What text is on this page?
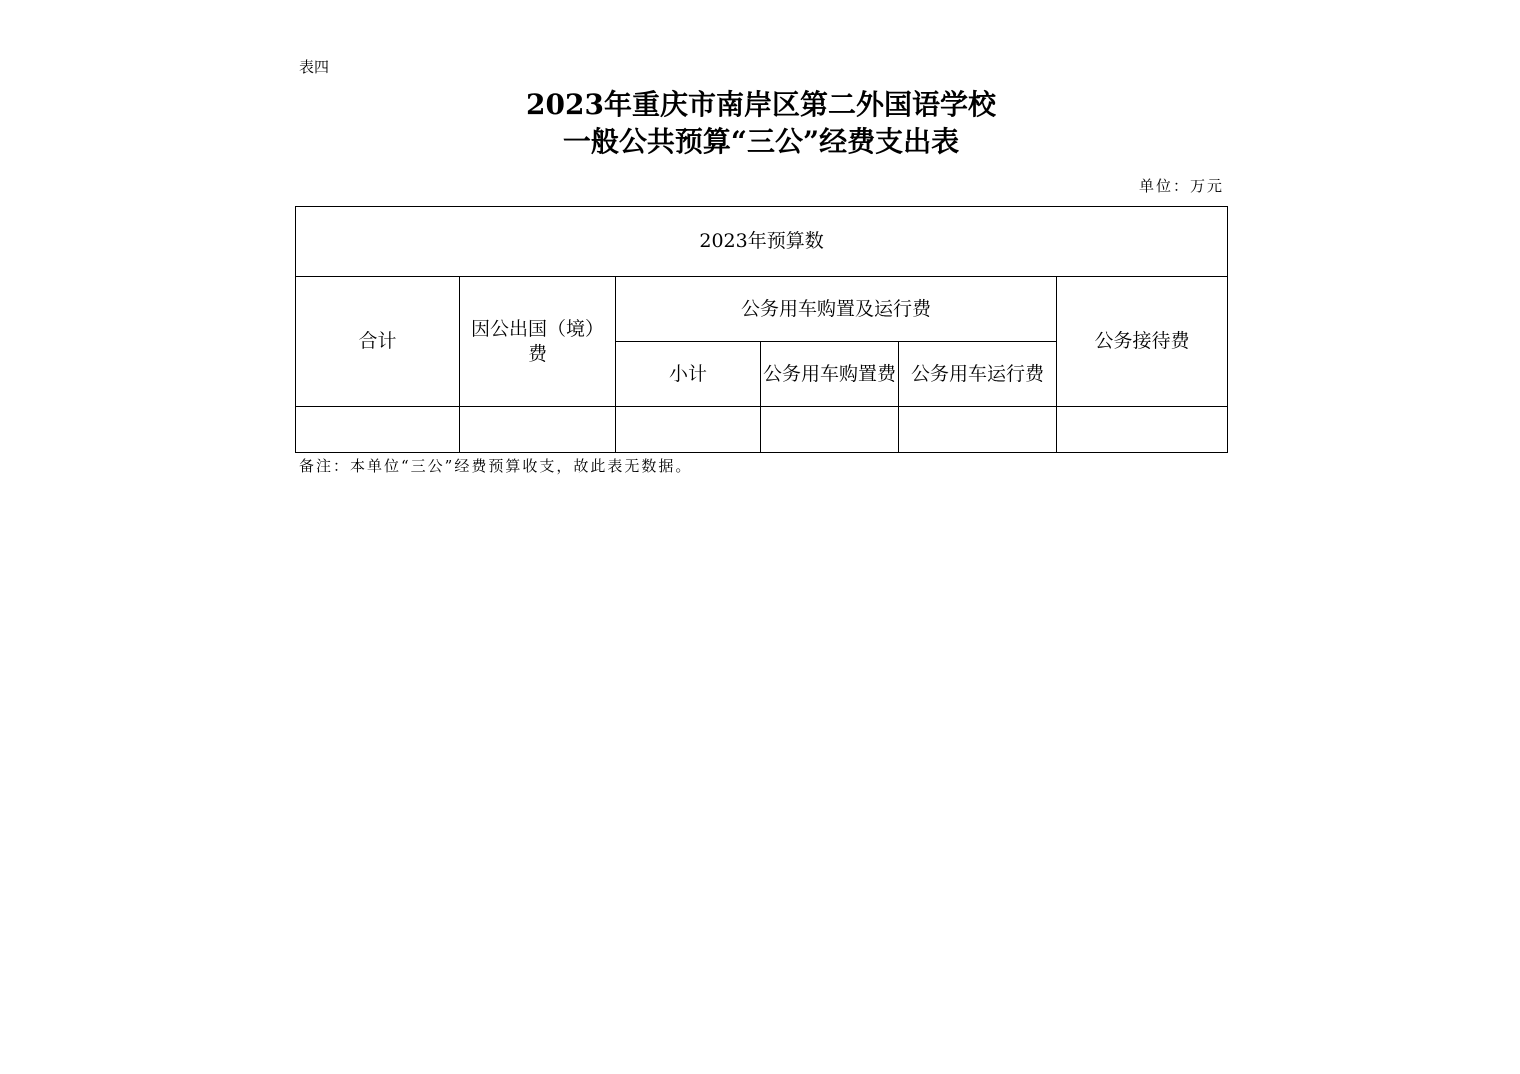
表四
2023年重庆市南岸区第二外国语学校
一般公共预算“三公”经费支出表
单位：万元
2023年预算数					
合计	因公出国（境）费	公务用车购置及运行费			公务接待费
		小计	公务用车购置费	公务用车运行费	

备注：本单位“三公”经费预算收支，故此表无数据。
